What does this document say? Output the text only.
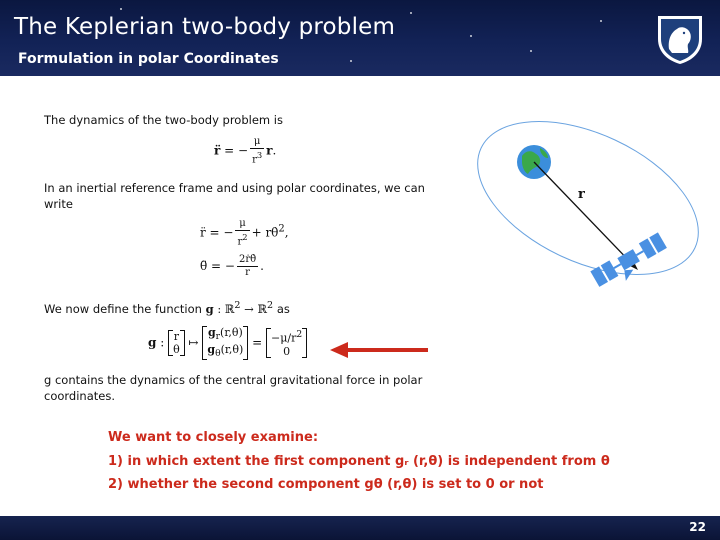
The Keplerian two-body problem
Formulation in polar Coordinates
The dynamics of the two-body problem is
r̈ = − $\frac{\mu}{r^3} r$.
In an inertial reference frame and using polar coordinates, we can write
r̈ = − $\frac{\mu}{r^2}$ + rθ̇$^2$,
θ̈ = − $\frac{\text{2ṙθ̇}}{r}$ .
We now define the function g : ℝ$^2$ → ℝ$^2$ as
g : r
θ ↦
$g_r(r,\theta)$
$g_\theta(r,\theta) = -\mu/r^2$
0
g contains the dynamics of the central gravitational force in polar coordinates.
We want to closely examine:
1) in which extent the first component gᵣ (r,θ) is independent from θ
2) whether the second component gθ (r,θ) is set to 0 or not
r
22
